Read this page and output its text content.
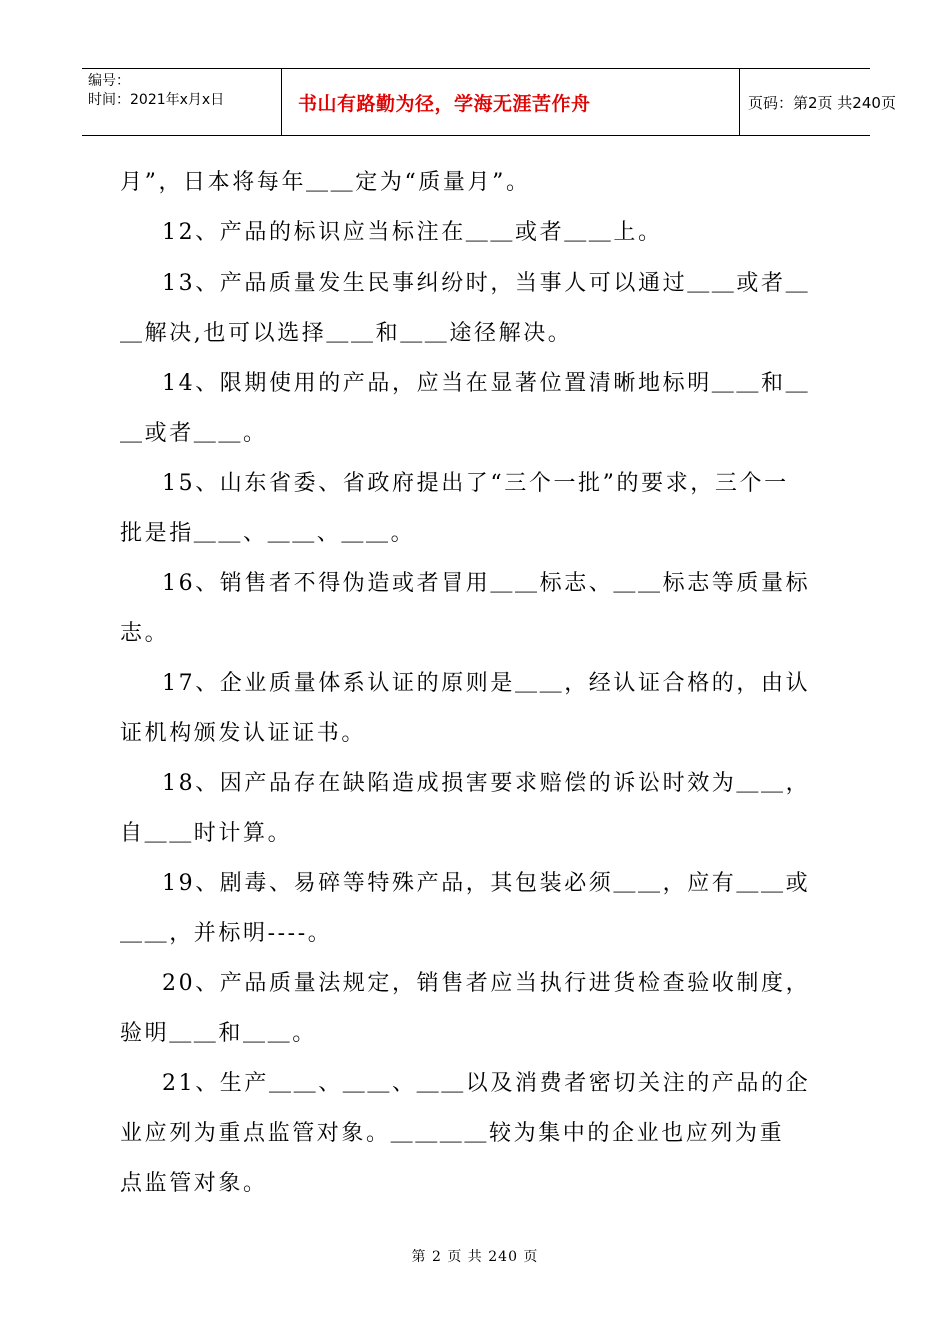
编号：
时间：2021年x月x日	书山有路勤为径，学海无涯苦作舟	页码：第2页 共240页
月”，日本将每年＿＿定为“质量月”。
12、产品的标识应当标注在＿＿或者＿＿上。
13、产品质量发生民事纠纷时，当事人可以通过＿＿或者＿
＿解决,也可以选择＿＿和＿＿途径解决。
14、限期使用的产品，应当在显著位置清晰地标明＿＿和＿
＿或者＿＿。
15、山东省委、省政府提出了“三个一批”的要求，三个一
批是指＿＿、＿＿、＿＿。
16、销售者不得伪造或者冒用＿＿标志、＿＿标志等质量标
志。
17、企业质量体系认证的原则是＿＿，经认证合格的，由认
证机构颁发认证证书。
18、因产品存在缺陷造成损害要求赔偿的诉讼时效为＿＿，
自＿＿时计算。
19、剧毒、易碎等特殊产品，其包装必须＿＿，应有＿＿或
＿＿，并标明----。
20、产品质量法规定，销售者应当执行进货检查验收制度，
验明＿＿和＿＿。
21、生产＿＿、＿＿、＿＿以及消费者密切关注的产品的企
业应列为重点监管对象。＿＿＿＿较为集中的企业也应列为重
点监管对象。
第 2 页 共 240 页
